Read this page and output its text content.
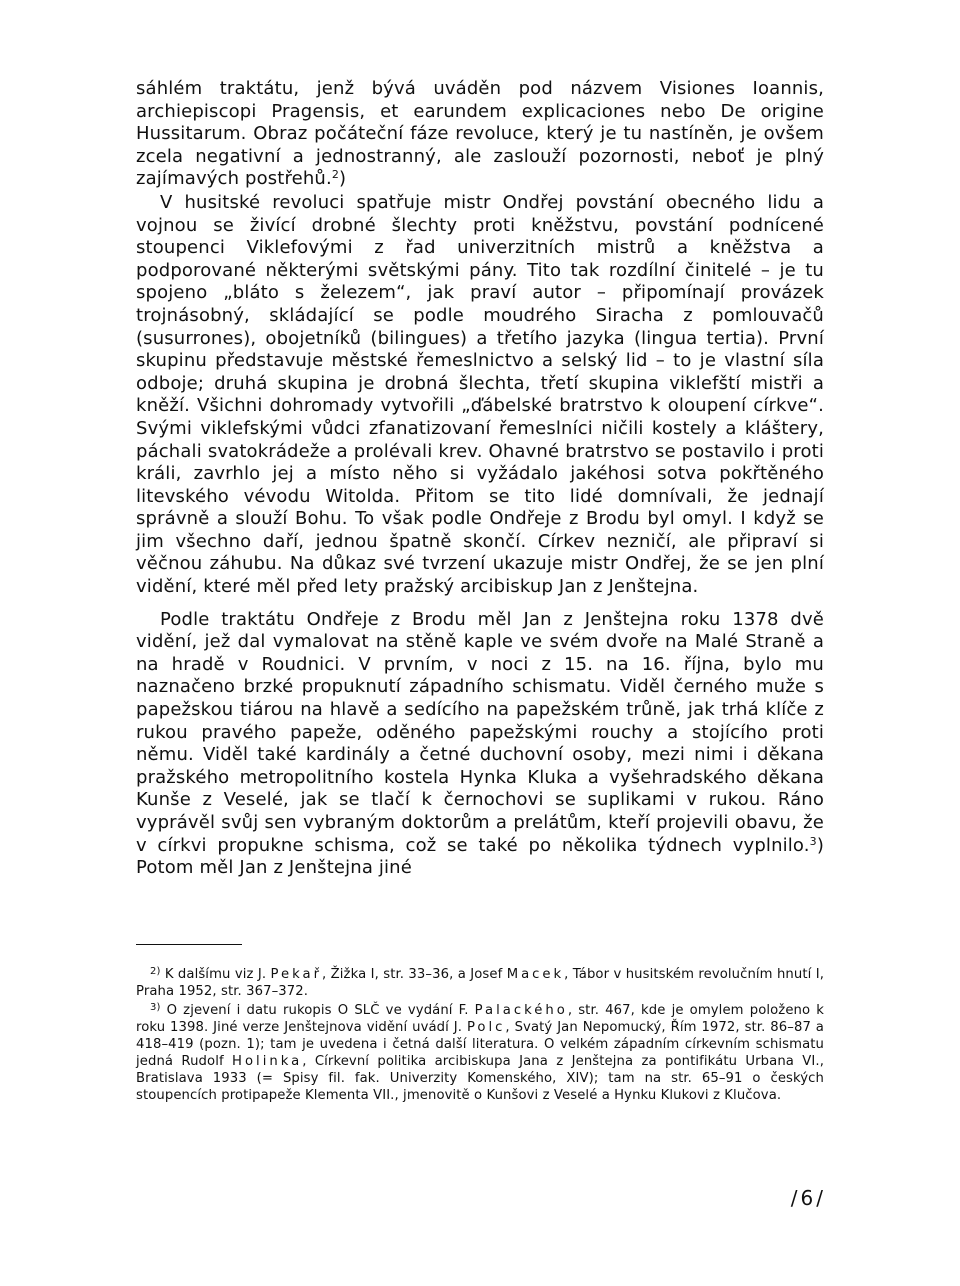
sáhlém traktátu, jenž bývá uváděn pod názvem Visiones Ioannis, archiepiscopi Pragensis, et earundem explicaciones nebo De origine Hussitarum. Obraz počáteční fáze revoluce, který je tu nastíněn, je ovšem zcela negativní a jednostranný, ale zaslouží pozornosti, neboť je plný zajímavých postřehů.$^2$)

V husitské revoluci spatřuje mistr Ondřej povstání obecného lidu a vojnou se živící drobné šlechty proti kněžstvu, povstání podnícené stoupenci Viklefovými z řad univerzitních mistrů a kněžstva a podporované některými světskými pány. Tito tak rozdílní činitelé – je tu spojeno „bláto s železem“, jak praví autor – připomínají provázek trojnásobný, skládající se podle moudrého Siracha z pomlouvačů (susurrones), obojetníků (bilingues) a třetího jazyka (lingua tertia). První skupinu představuje městské řemeslnictvo a selský lid – to je vlastní síla odboje; druhá skupina je drobná šlechta, třetí skupina viklefští mistři a kněží. Všichni dohromady vytvořili „ďábelské bratrstvo k oloupení církve“. Svými viklefskými vůdci zfanatizovaní řemeslníci ničili kostely a kláštery, páchali svatokrádeže a prolévali krev. Ohavné bratrstvo se postavilo i proti králi, zavrhlo jej a místo něho si vyžádalo jakéhosi sotva pokřtěného litevského vévodu Witolda. Přitom se tito lidé domnívali, že jednají správně a slouží Bohu. To však podle Ondřeje z Brodu byl omyl. I když se jim všechno daří, jednou špatně skončí. Církev nezničí, ale připraví si věčnou záhubu. Na důkaz své tvrzení ukazuje mistr Ondřej, že se jen plní vidění, které měl před lety pražský arcibiskup Jan z Jenštejna.

Podle traktátu Ondřeje z Brodu měl Jan z Jenštejna roku 1378 dvě vidění, jež dal vymalovat na stěně kaple ve svém dvoře na Malé Straně a na hradě v Roudnici. V prvním, v noci z 15. na 16. října, bylo mu naznačeno brzké propuknutí západního schismatu. Viděl černého muže s papežskou tiárou na hlavě a sedícího na papežském trůně, jak trhá klíče z rukou pravého papeže, oděného papežskými rouchy a stojícího proti němu. Viděl také kardinály a četné duchovní osoby, mezi nimi i děkana pražského metropolitního kostela Hynka Kluka a vyšehradského děkana Kunše z Veselé, jak se tlačí k černochovi se suplikami v rukou. Ráno vyprávěl svůj sen vybraným doktorům a prelátům, kteří projevili obavu, že v církvi propukne schisma, což se také po několika týdnech vyplnilo.$^3$) Potom měl Jan z Jenštejna jiné

$^{2)}$ K dalšímu viz J. Pekař, Žižka I, str. 33–36, a Josef Macek, Tábor v husitském revolučním hnutí I, Praha 1952, str. 367–372.

$^{3)}$ O zjevení i datu rukopis O SLČ ve vydání F. Palackého, str. 467, kde je omylem položeno k roku 1398. Jiné verze Jenštejnova vidění uvádí J. Polc, Svatý Jan Nepomucký, Řím 1972, str. 86–87 a 418–419 (pozn. 1); tam je uvedena i četná další literatura. O velkém západním církevním schismatu jedná Rudolf Holinka, Církevní politika arcibiskupa Jana z Jenštejna za pontifikátu Urbana VI., Bratislava 1933 (= Spisy fil. fak. Univerzity Komenského, XIV); tam na str. 65–91 o českých stoupencích protipapeže Klementa VII., jmenovitě o Kunšovi z Veselé a Hynku Klukovi z Klučova.

/6/
